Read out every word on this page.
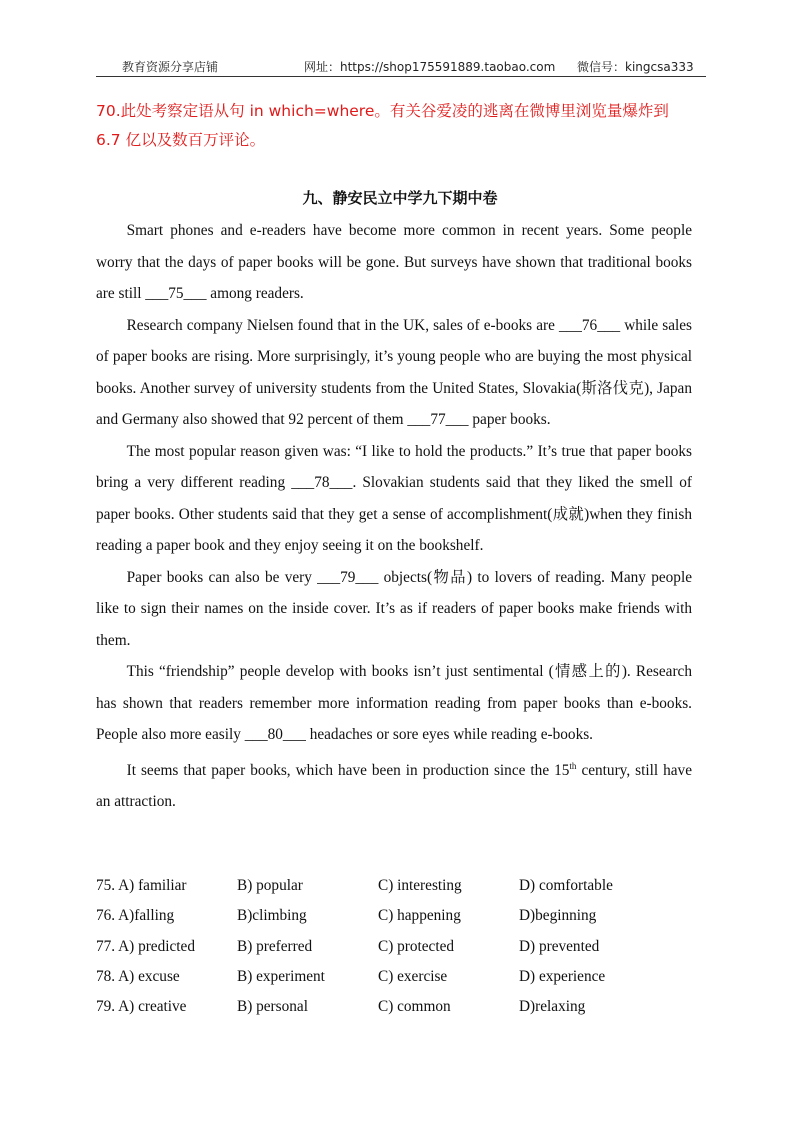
教育资源分享店铺	网址：https://shop175591889.taobao.com 微信号：kingcsa333
70.此处考察定语从句 in which=where。有关谷爱凌的逃离在微博里浏览量爆炸到 6.7 亿以及数百万评论。
九、静安民立中学九下期中卷

Smart phones and e-readers have become more common in recent years. Some people worry that the days of paper books will be gone. But surveys have shown that traditional books are still ___75___ among readers.

Research company Nielsen found that in the UK, sales of e-books are ___76___ while sales of paper books are rising. More surprisingly, it’s young people who are buying the most physical books. Another survey of university students from the United States, Slovakia(斯洛伐克), Japan and Germany also showed that 92 percent of them ___77___ paper books.

The most popular reason given was: “I like to hold the products.” It’s true that paper books bring a very different reading ___78___. Slovakian students said that they liked the smell of paper books. Other students said that they get a sense of accomplishment(成就)when they finish reading a paper book and they enjoy seeing it on the bookshelf.

Paper books can also be very ___79___ objects(物品) to lovers of reading. Many people like to sign their names on the inside cover. It’s as if readers of paper books make friends with them.

This “friendship” people develop with books isn’t just sentimental (情感上的). Research has shown that readers remember more information reading from paper books than e-books. People also more easily ___80___ headaches or sore eyes while reading e-books.

It seems that paper books, which have been in production since the 15th century, still have an attraction.

75. A) familiar	B) popular	C) interesting	D) comfortable
76. A)falling	B)climbing	C) happening	D)beginning
77. A) predicted	B) preferred	C) protected	D) prevented
78. A) excuse	B) experiment	C) exercise	D) experience
79. A) creative	B) personal	C) common	D)relaxing
